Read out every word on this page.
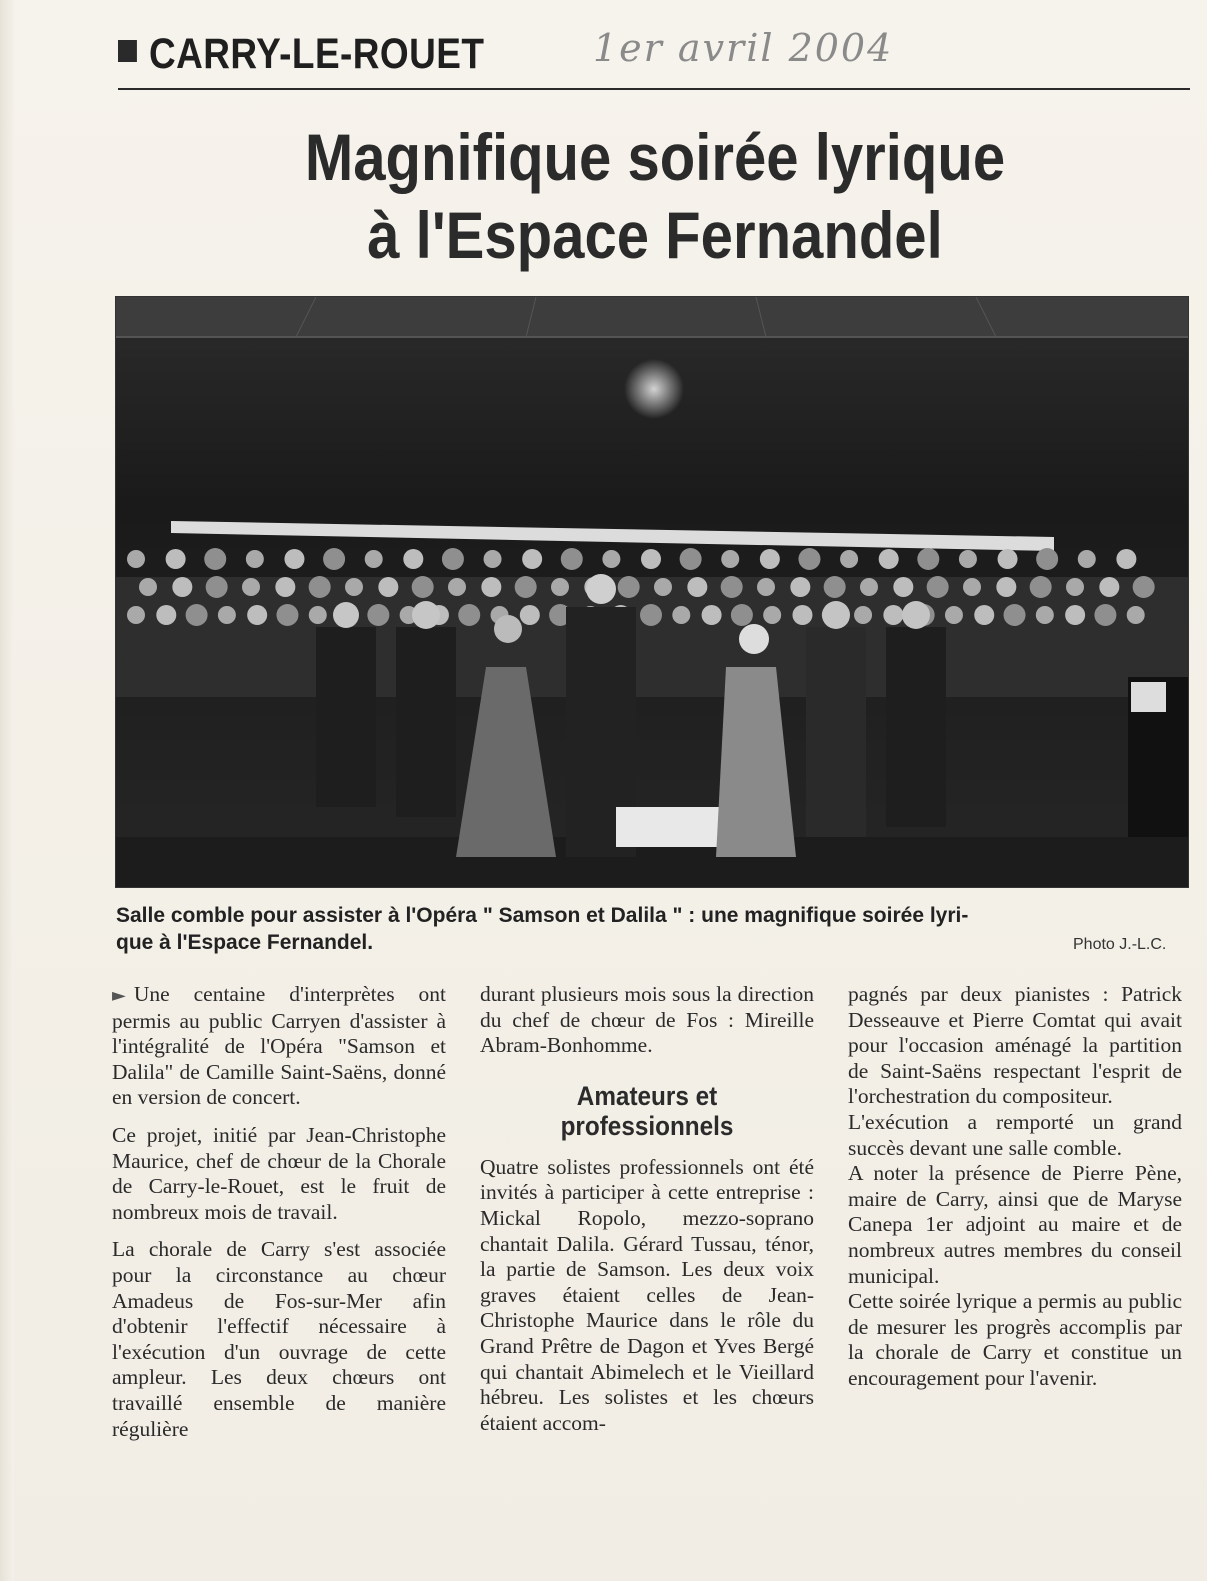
CARRY-LE-ROUET	1er avril 2004
Magnifique soirée lyrique
à l'Espace Fernandel
Salle comble pour assister à l'Opéra " Samson et Dalila " : une magnifique soirée lyri-
que à l'Espace Fernandel.	Photo J.-L.C.

► Une centaine d'interprètes ont permis au public Carryen d'assister à l'intégralité de l'Opéra "Samson et Dalila" de Camille Saint-Saëns, donné en version de concert.

Ce projet, initié par Jean-Christophe Maurice, chef de chœur de la Chorale de Carry-le-Rouet, est le fruit de nombreux mois de travail.

La chorale de Carry s'est associée pour la circonstance au chœur Amadeus de Fos-sur-Mer afin d'obtenir l'effectif nécessaire à l'exécution d'un ouvrage de cette ampleur. Les deux chœurs ont travaillé ensemble de manière régulière

durant plusieurs mois sous la direction du chef de chœur de Fos : Mireille Abram-Bonhomme.

Amateurs et
professionnels

Quatre solistes professionnels ont été invités à participer à cette entreprise : Mickal Ropolo, mezzo-soprano chantait Dalila. Gérard Tussau, ténor, la partie de Samson. Les deux voix graves étaient celles de Jean-Christophe Maurice dans le rôle du Grand Prêtre de Dagon et Yves Bergé qui chantait Abimelech et le Vieillard hébreu. Les solistes et les chœurs étaient accom-

pagnés par deux pianistes : Patrick Desseauve et Pierre Comtat qui avait pour l'occasion aménagé la partition de Saint-Saëns respectant l'esprit de l'orchestration du compositeur.

L'exécution a remporté un grand succès devant une salle comble.

A noter la présence de Pierre Pène, maire de Carry, ainsi que de Maryse Canepa 1er adjoint au maire et de nombreux autres membres du conseil municipal.

Cette soirée lyrique a permis au public de mesurer les progrès accomplis par la chorale de Carry et constitue un encouragement pour l'avenir.
